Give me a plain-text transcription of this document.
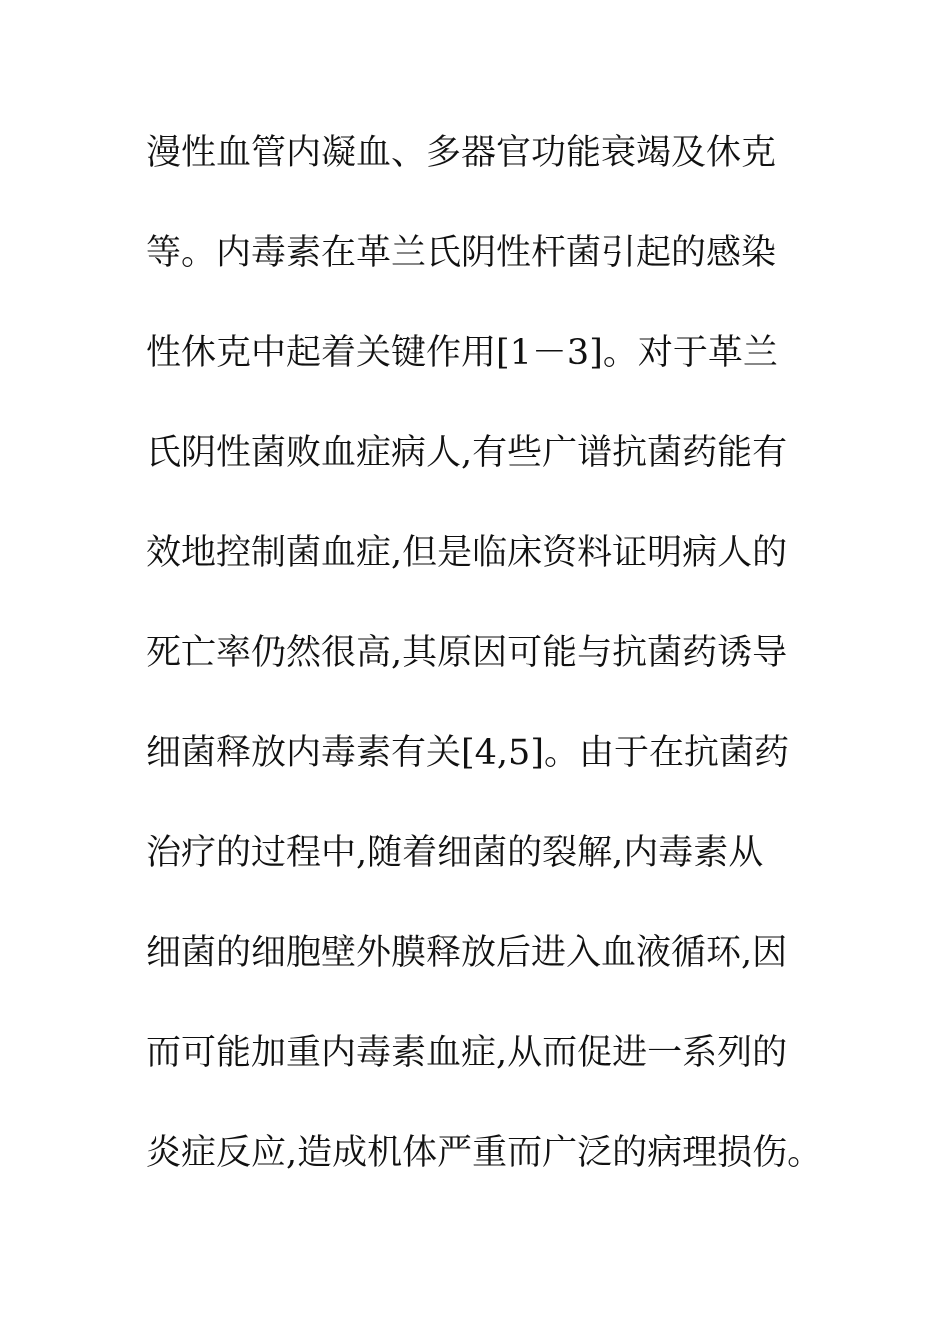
漫性血管内凝血、多器官功能衰竭及休克
等。内毒素在革兰氏阴性杆菌引起的感染
性休克中起着关键作用[1－3]。对于革兰
氏阴性菌败血症病人,有些广谱抗菌药能有
效地控制菌血症,但是临床资料证明病人的
死亡率仍然很高,其原因可能与抗菌药诱导
细菌释放内毒素有关[4,5]。由于在抗菌药
治疗的过程中,随着细菌的裂解,内毒素从
细菌的细胞壁外膜释放后进入血液循环,因
而可能加重内毒素血症,从而促进一系列的
炎症反应,造成机体严重而广泛的病理损伤。
